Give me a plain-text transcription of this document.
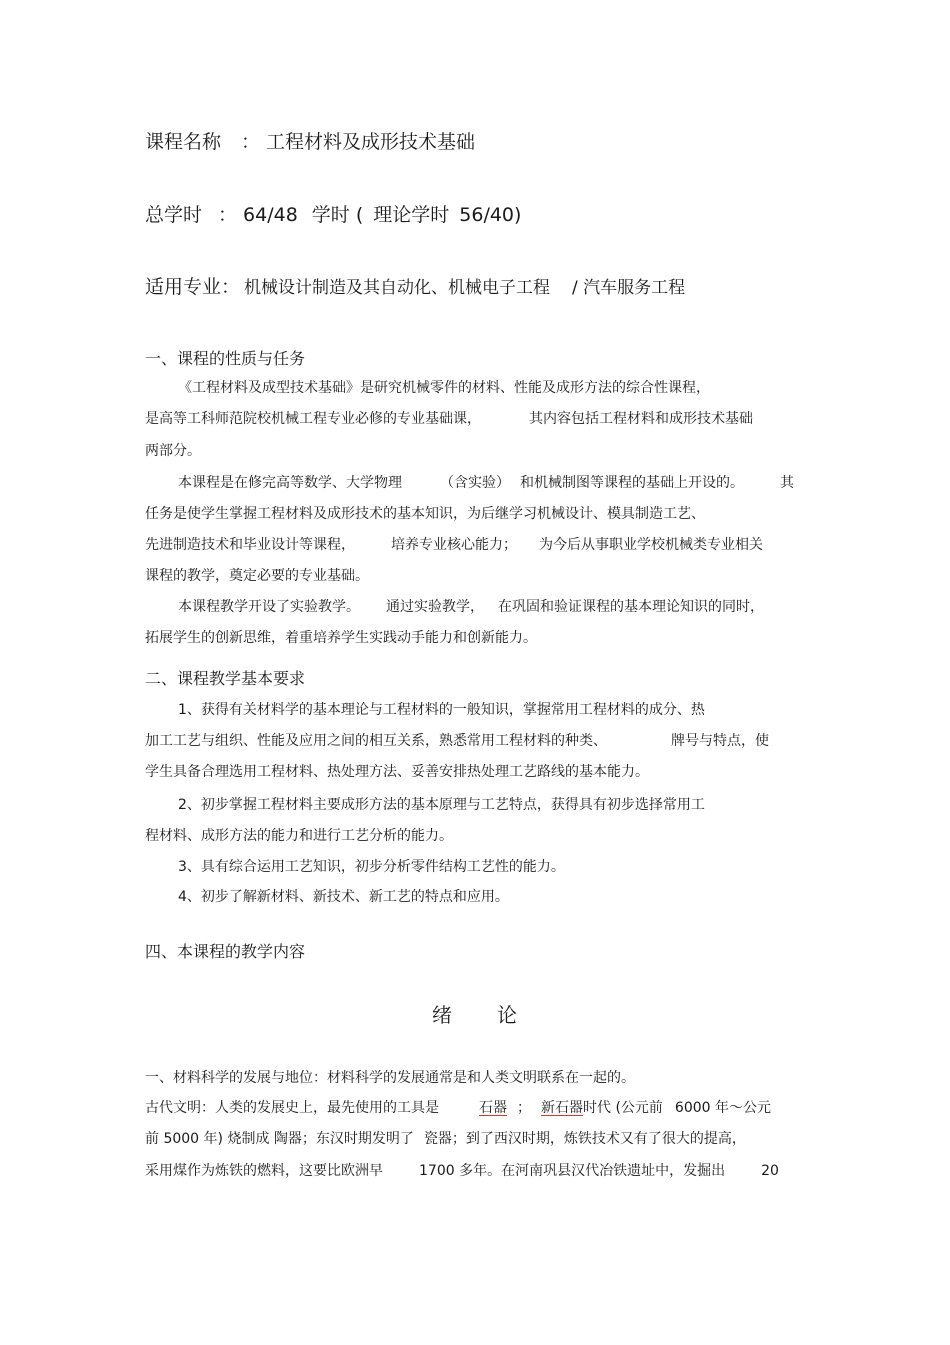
课程名称 ： 工程材料及成形技术基础
总学时 ： 64/48 学时 ( 理论学时 56/40)
适用专业： 机械设计制造及其自动化、机械电子工程 / 汽车服务工程
一、课程的性质与任务
《工程材料及成型技术基础》是研究机械零件的材料、性能及成形方法的综合性课程，
是高等工科师范院校机械工程专业必修的专业基础课，	其内容包括工程材料和成形技术基础
两部分。
本课程是在修完高等数学、大学物理	（含实验） 和机械制图等课程的基础上开设的。	其
任务是使学生掌握工程材料及成形技术的基本知识，为后继学习机械设计、模具制造工艺、
先进制造技术和毕业设计等课程，	培养专业核心能力； 为今后从事职业学校机械类专业相关
课程的教学，奠定必要的专业基础。
本课程教学开设了实验教学。 通过实验教学， 在巩固和验证课程的基本理论知识的同时，
拓展学生的创新思维，着重培养学生实践动手能力和创新能力。
二、课程教学基本要求
1、获得有关材料学的基本理论与工程材料的一般知识，掌握常用工程材料的成分、热
加工工艺与组织、性能及应用之间的相互关系，熟悉常用工程材料的种类、	牌号与特点，使
学生具备合理选用工程材料、热处理方法、妥善安排热处理工艺路线的基本能力。
2、初步掌握工程材料主要成形方法的基本原理与工艺特点，获得具有初步选择常用工
程材料、成形方法的能力和进行工艺分析的能力。
3、具有综合运用工艺知识，初步分析零件结构工艺性的能力。
4、初步了解新材料、新技术、新工艺的特点和应用。
四、本课程的教学内容
绪 论
一、材料科学的发展与地位：材料科学的发展通常是和人类文明联系在一起的。
古代文明：人类的发展史上，最先使用的工具是	石器 ； 新石器时代 (公元前 6000 年～公元
前 5000 年) 烧制成 陶器；东汉时期发明了 瓷器；到了西汉时期，炼铁技术又有了很大的提高，
采用煤作为炼铁的燃料，这要比欧洲早	1700 多年。在河南巩县汉代冶铁遗址中，发掘出	20
